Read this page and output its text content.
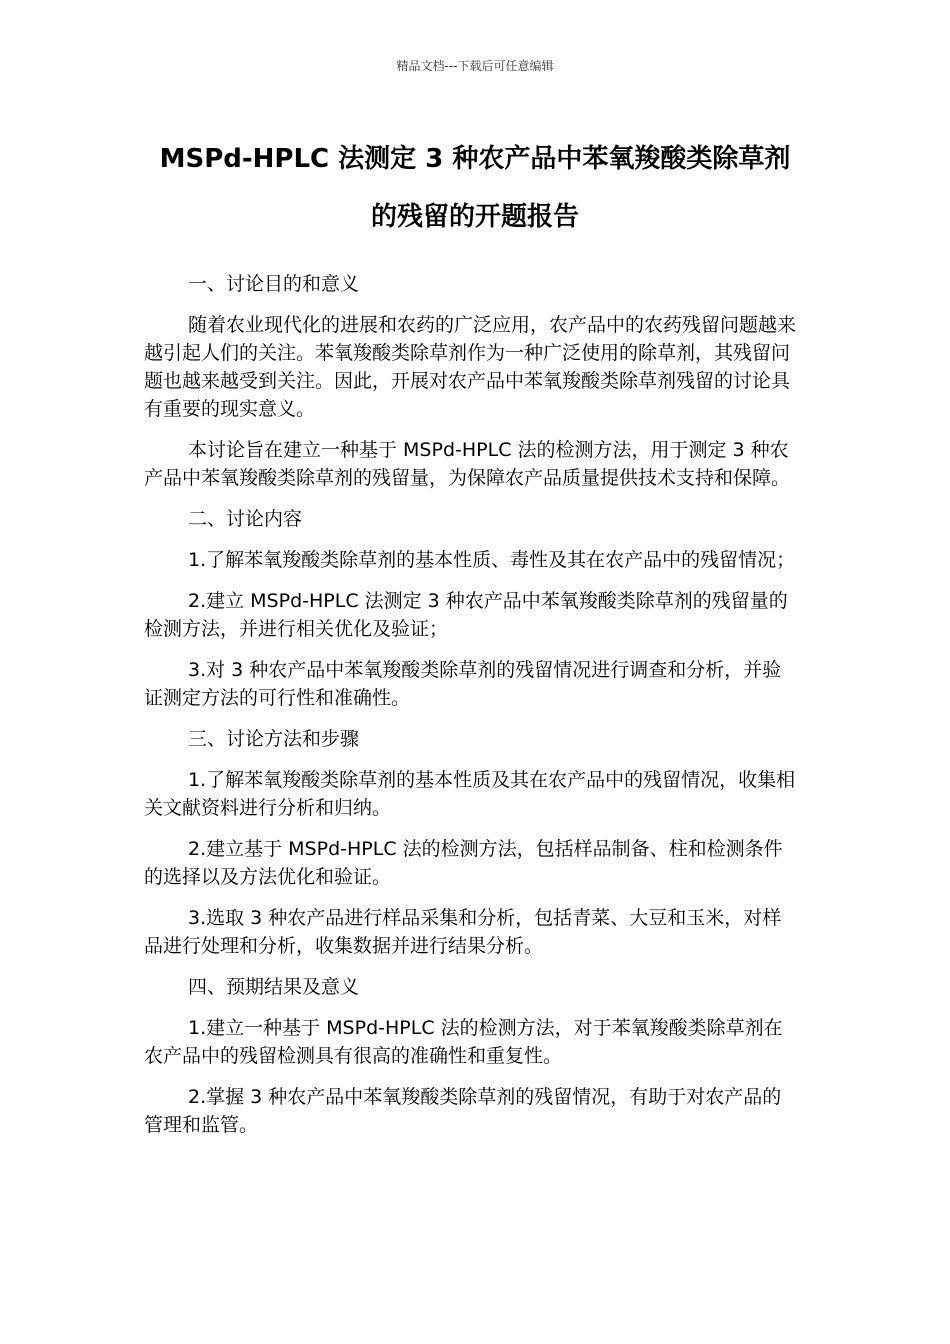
精品文档---下载后可任意编辑
MSPd-HPLC 法测定 3 种农产品中苯氧羧酸类除草剂
的残留的开题报告
一、讨论目的和意义

随着农业现代化的进展和农药的广泛应用，农产品中的农药残留问题越来越引起人们的关注。苯氧羧酸类除草剂作为一种广泛使用的除草剂，其残留问题也越来越受到关注。因此，开展对农产品中苯氧羧酸类除草剂残留的讨论具有重要的现实意义。

本讨论旨在建立一种基于 MSPd-HPLC 法的检测方法，用于测定 3 种农产品中苯氧羧酸类除草剂的残留量，为保障农产品质量提供技术支持和保障。

二、讨论内容

1.了解苯氧羧酸类除草剂的基本性质、毒性及其在农产品中的残留情况；

2.建立 MSPd-HPLC 法测定 3 种农产品中苯氧羧酸类除草剂的残留量的检测方法，并进行相关优化及验证；

3.对 3 种农产品中苯氧羧酸类除草剂的残留情况进行调查和分析，并验证测定方法的可行性和准确性。

三、讨论方法和步骤

1.了解苯氧羧酸类除草剂的基本性质及其在农产品中的残留情况，收集相关文献资料进行分析和归纳。

2.建立基于 MSPd-HPLC 法的检测方法，包括样品制备、柱和检测条件的选择以及方法优化和验证。

3.选取 3 种农产品进行样品采集和分析，包括青菜、大豆和玉米，对样品进行处理和分析，收集数据并进行结果分析。

四、预期结果及意义

1.建立一种基于 MSPd-HPLC 法的检测方法，对于苯氧羧酸类除草剂在农产品中的残留检测具有很高的准确性和重复性。

2.掌握 3 种农产品中苯氧羧酸类除草剂的残留情况，有助于对农产品的管理和监管。
